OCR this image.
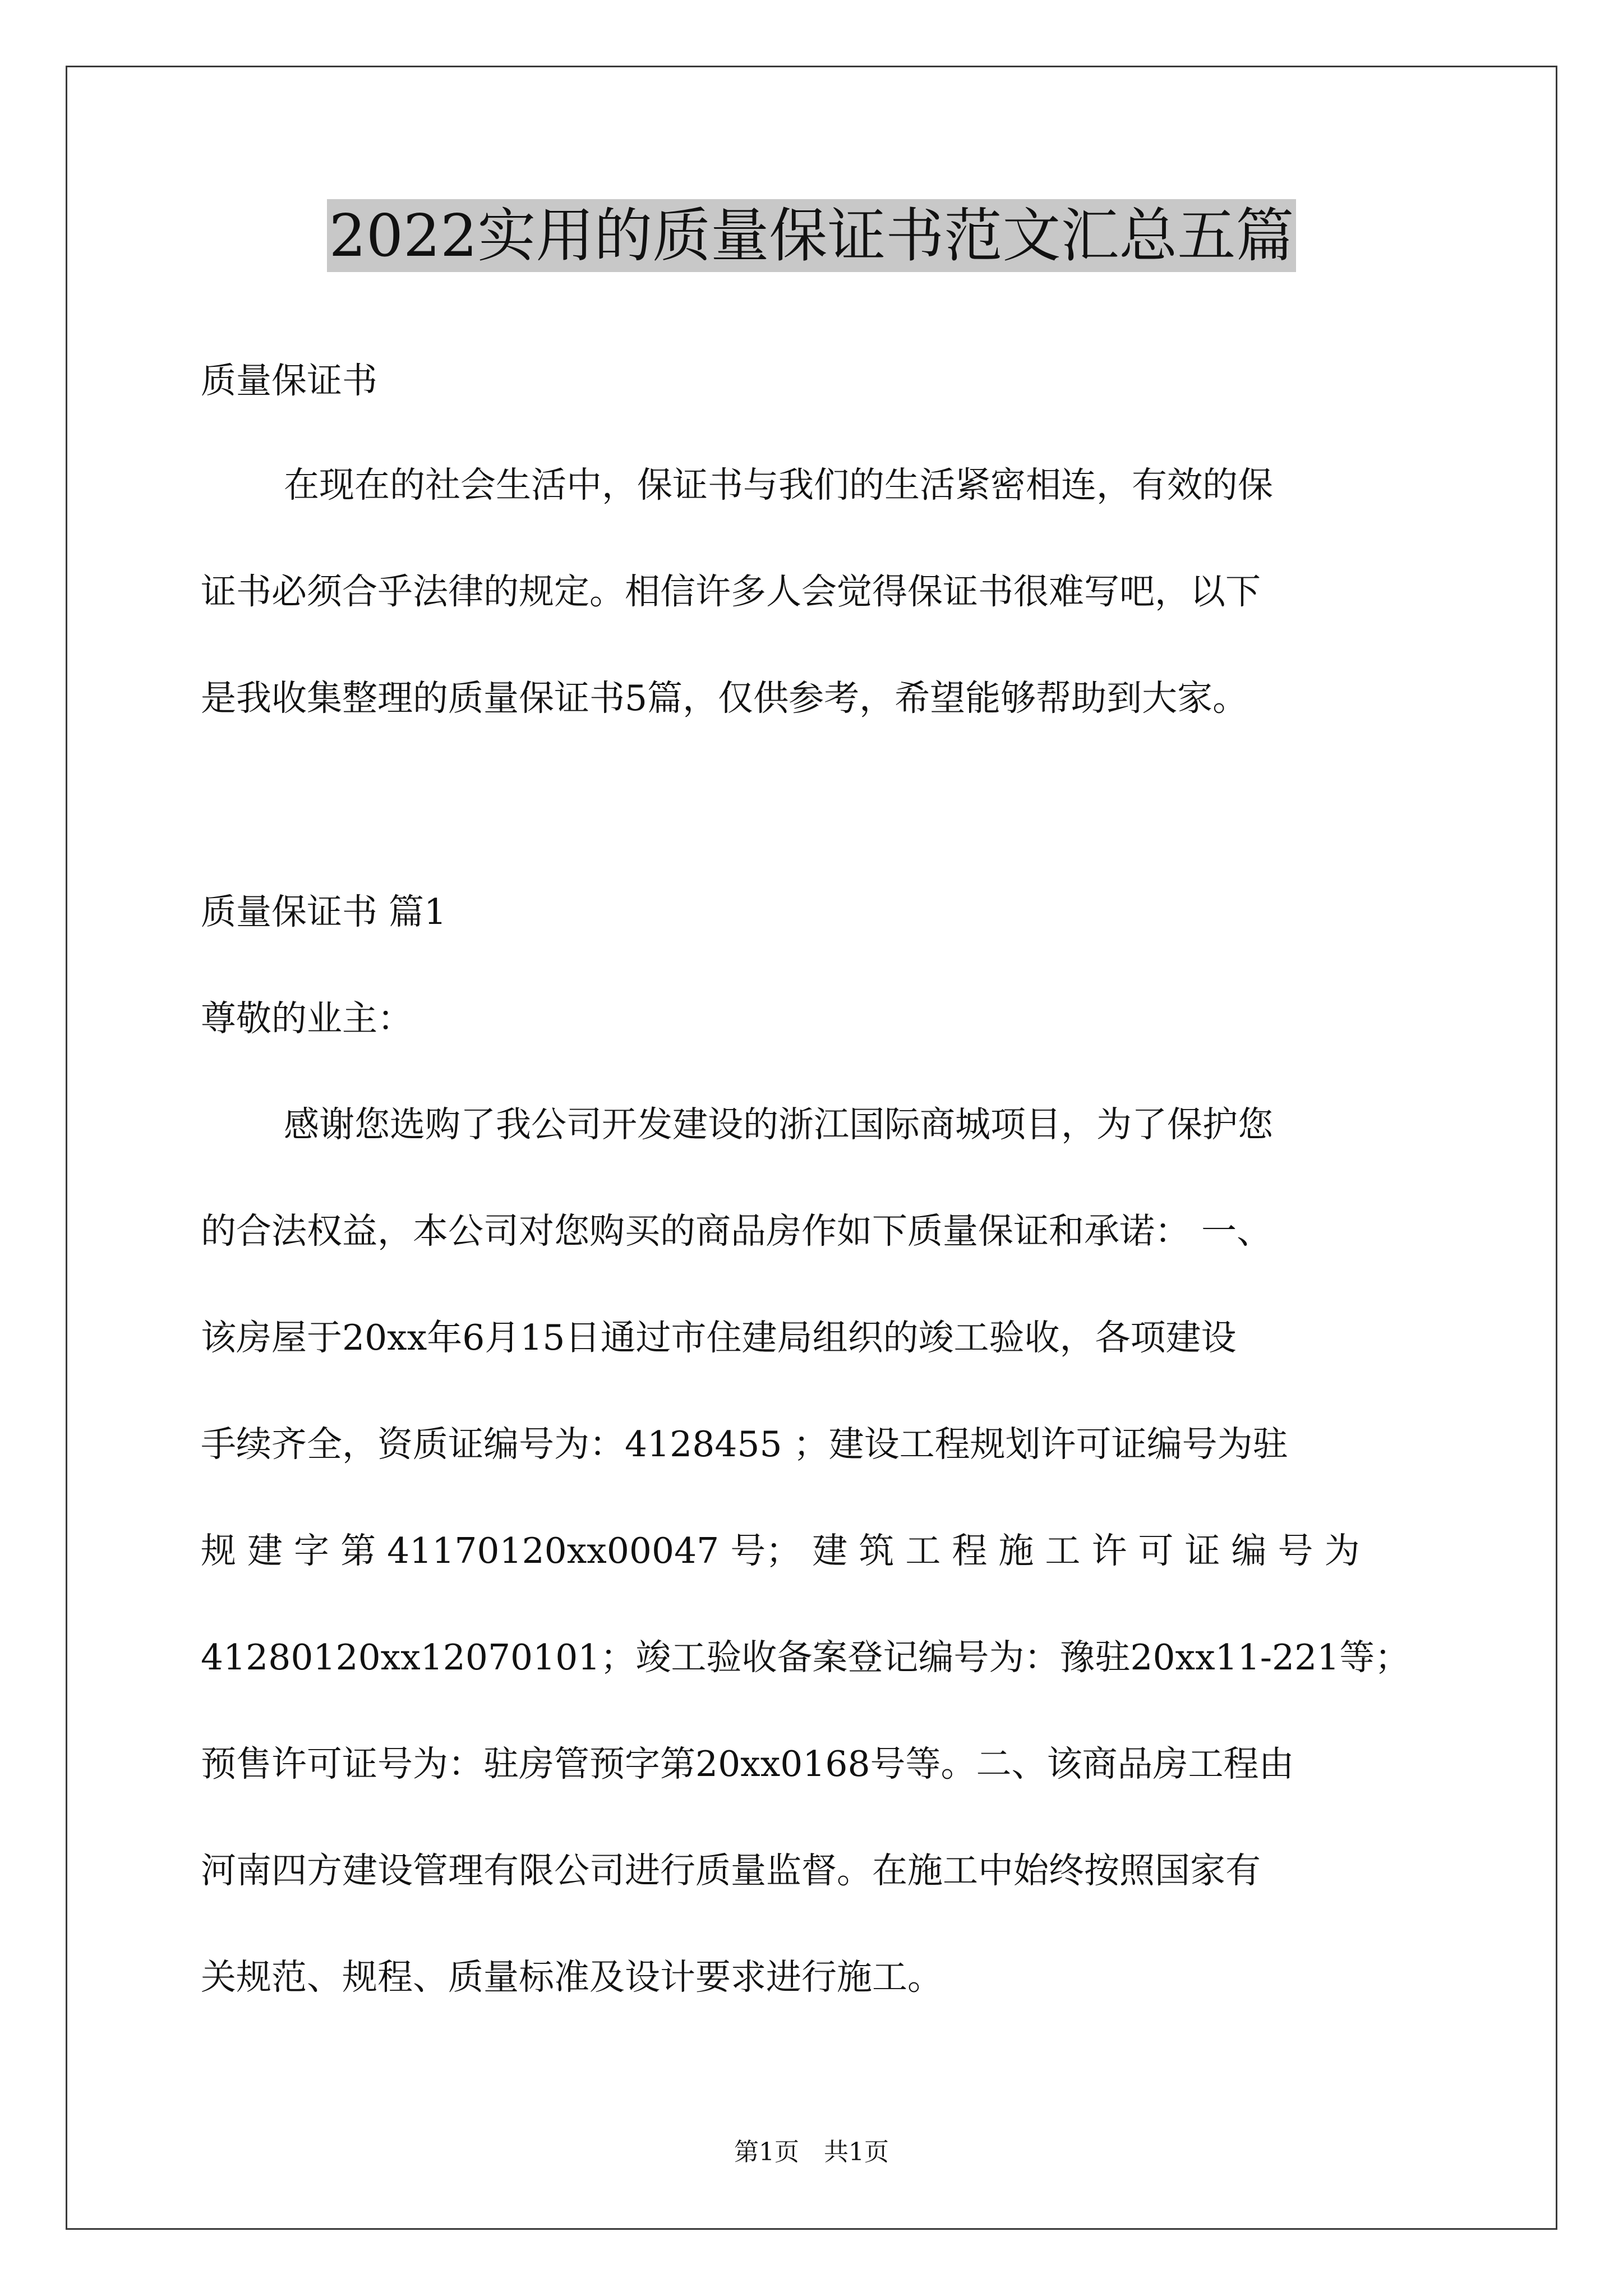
2022实用的质量保证书范文汇总五篇
质量保证书
在现在的社会生活中，保证书与我们的生活紧密相连，有效的保
证书必须合乎法律的规定。相信许多人会觉得保证书很难写吧，以下
是我收集整理的质量保证书5篇，仅供参考，希望能够帮助到大家。
质量保证书 篇1
尊敬的业主：
感谢您选购了我公司开发建设的浙江国际商城项目，为了保护您
的合法权益，本公司对您购买的商品房作如下质量保证和承诺： 一、
该房屋于20xx年6月15日通过市住建局组织的竣工验收，各项建设
手续齐全，资质证编号为：4128455 ；建设工程规划许可证编号为驻
规 建 字 第 41170120xx00047 号； 建 筑 工 程 施 工 许 可 证 编 号 为
41280120xx12070101；竣工验收备案登记编号为：豫驻20xx11-221等；
预售许可证号为：驻房管预字第20xx0168号等。二、该商品房工程由
河南四方建设管理有限公司进行质量监督。在施工中始终按照国家有
关规范、规程、质量标准及设计要求进行施工。
第1页　共1页
